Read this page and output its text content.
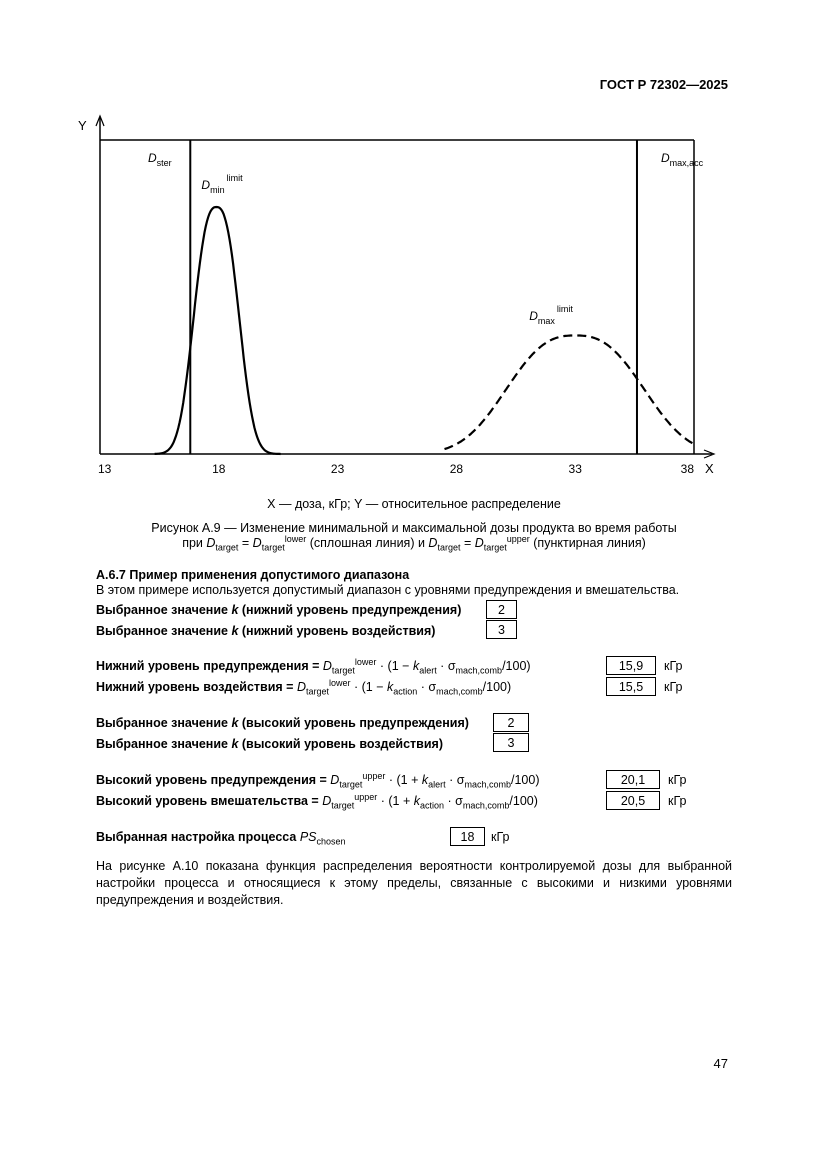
ГОСТ Р 72302—2025
Y
X
13	18	23	28	33	38
$D_{ster}$	$D_{max,acc}$
$D_{min}^{limit}$
$D_{max}^{limit}$
X — доза, кГр; Y — относительное распределение
Рисунок А.9 — Изменение минимальной и максимальной дозы продукта во время работы
при $D_{target} = D_{target}^{lower}$ (сплошная линия) и $D_{target} = D_{target}^{upper}$ (пунктирная линия)
А.6.7 Пример применения допустимого диапазона
В этом примере используется допустимый диапазон с уровнями предупреждения и вмешательства.
Выбранное значение k (нижний уровень предупреждения)	2
Выбранное значение k (нижний уровень воздействия)	3
Нижний уровень предупреждения = $D_{target}^{lower} \cdot (1 - k_{alert} \cdot \sigma_{mach,comb}/100)$	15,9	кГр
Нижний уровень воздействия = $D_{target}^{lower} \cdot (1 - k_{action} \cdot \sigma_{mach,comb}/100)$	15,5	кГр
Выбранное значение k (высокий уровень предупреждения)	2
Выбранное значение k (высокий уровень воздействия)	3
Высокий уровень предупреждения = $D_{target}^{upper} \cdot (1 + k_{alert} \cdot \sigma_{mach,comb}/100)$	20,1	кГр
Высокий уровень вмешательства = $D_{target}^{upper} \cdot (1 + k_{action} \cdot \sigma_{mach,comb}/100)$	20,5	кГр
Выбранная настройка процесса $PS_{chosen}$	18	кГр
На рисунке А.10 показана функция распределения вероятности контролируемой дозы для выбранной настройки процесса и относящиеся к этому пределы, связанные с высокими и низкими уровнями предупреждения и воздействия.
47
